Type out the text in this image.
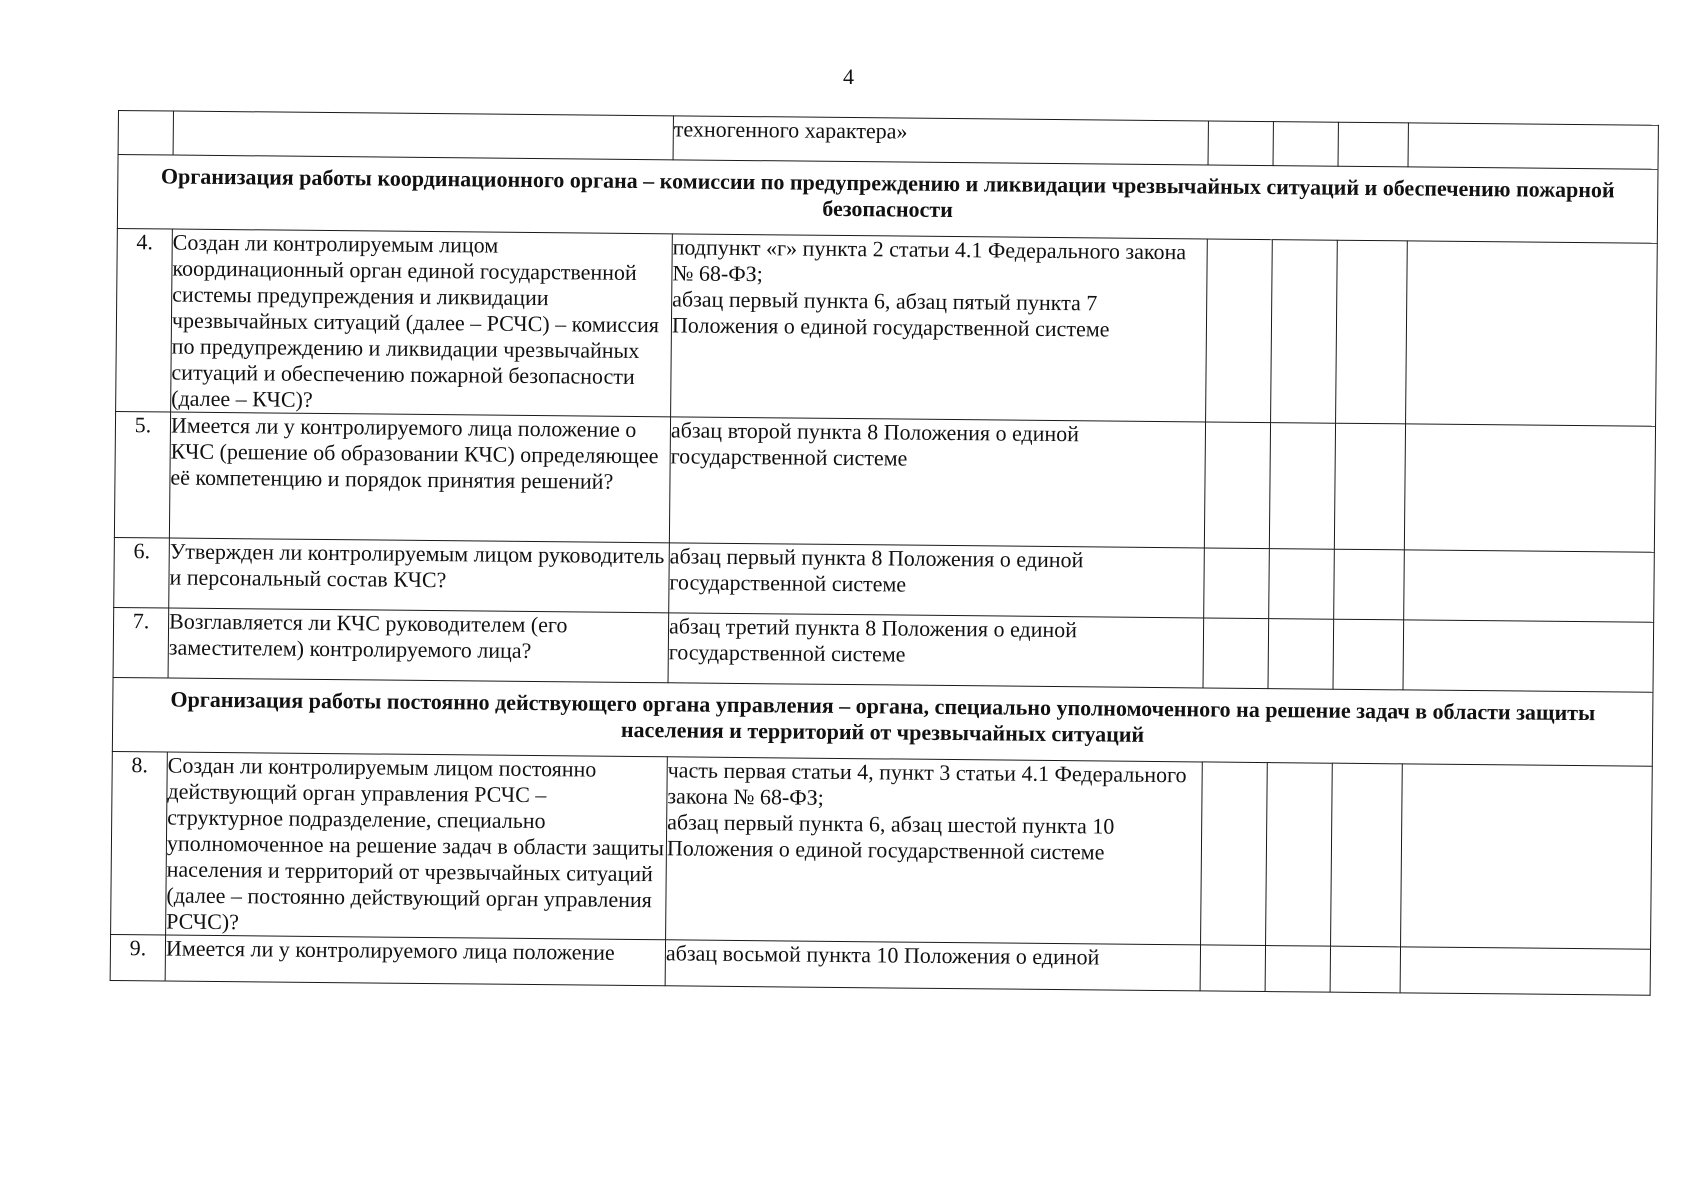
4
		техногенного характера»				
Организация работы координационного органа – комиссии по предупреждению и ликвидации чрезвычайных ситуаций и обеспечению пожарной безопасности						
4.	Создан ли контролируемым лицом координационный орган единой государственной системы предупреждения и ликвидации чрезвычайных ситуаций (далее – РСЧС) – комиссия по предупреждению и ликвидации чрезвычайных ситуаций и обеспечению пожарной безопасности (далее – КЧС)?	подпункт «г» пункта 2 статьи 4.1 Федерального закона № 68-ФЗ;
абзац первый пункта 6, абзац пятый пункта 7 Положения о единой государственной системе				
5.	Имеется ли у контролируемого лица положение о КЧС (решение об образовании КЧС) определяющее её компетенцию и порядок принятия решений?	абзац второй пункта 8 Положения о единой государственной системе				
6.	Утвержден ли контролируемым лицом руководитель и персональный состав КЧС?	абзац первый пункта 8 Положения о единой государственной системе				
7.	Возглавляется ли КЧС руководителем (его заместителем) контролируемого лица?	абзац третий пункта 8 Положения о единой государственной системе				
Организация работы постоянно действующего органа управления – органа, специально уполномоченного на решение задач в области защиты населения и территорий от чрезвычайных ситуаций						
8.	Создан ли контролируемым лицом постоянно действующий орган управления РСЧС – структурное подразделение, специально уполномоченное на решение задач в области защиты населения и территорий от чрезвычайных ситуаций (далее – постоянно действующий орган управления РСЧС)?	часть первая статьи 4, пункт 3 статьи 4.1 Федерального закона № 68-ФЗ;
абзац первый пункта 6, абзац шестой пункта 10 Положения о единой государственной системе				
9.	Имеется ли у контролируемого лица положение	абзац восьмой пункта 10 Положения о единой				
